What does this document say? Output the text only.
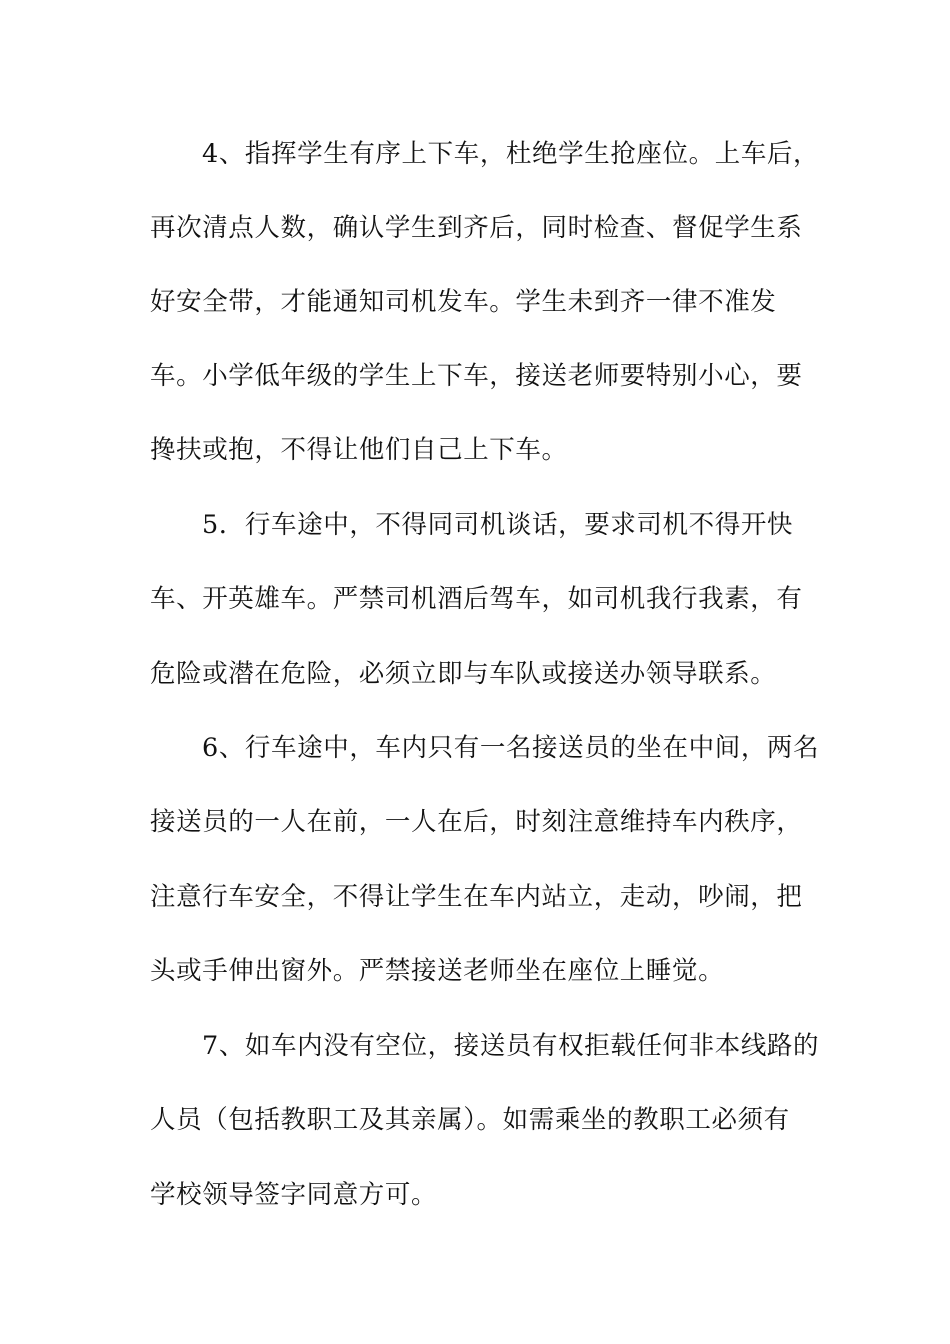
4、指挥学生有序上下车，杜绝学生抢座位。上车后，
再次清点人数，确认学生到齐后，同时检查、督促学生系
好安全带，才能通知司机发车。学生未到齐一律不准发
车。小学低年级的学生上下车，接送老师要特别小心，要
搀扶或抱，不得让他们自己上下车。
5．行车途中，不得同司机谈话，要求司机不得开快
车、开英雄车。严禁司机酒后驾车，如司机我行我素，有
危险或潜在危险，必须立即与车队或接送办领导联系。
6、行车途中，车内只有一名接送员的坐在中间，两名
接送员的一人在前，一人在后，时刻注意维持车内秩序，
注意行车安全，不得让学生在车内站立，走动，吵闹，把
头或手伸出窗外。严禁接送老师坐在座位上睡觉。
7、如车内没有空位，接送员有权拒载任何非本线路的
人员（包括教职工及其亲属）。如需乘坐的教职工必须有
学校领导签字同意方可。
